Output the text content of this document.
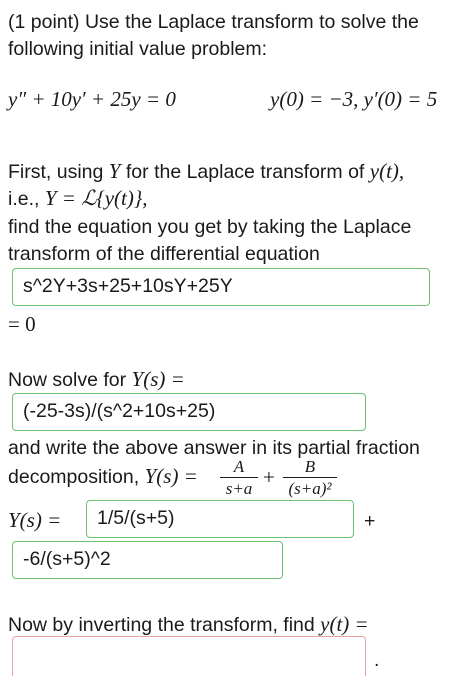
(1 point) Use the Laplace transform to solve the
following initial value problem:
y″ + 10y′ + 25y = 0	y(0) = −3, y′(0) = 5
First, using Y for the Laplace transform of y(t),
i.e., Y = ℒ{y(t)},
find the equation you get by taking the Laplace
transform of the differential equation
s^2Y+3s+25+10sY+25Y
= 0
Now solve for Y(s) =
(-25-3s)/(s^2+10s+25)
and write the above answer in its partial fraction
decomposition, Y(s) =	A
s+a +	B
(s+a)²
Y(s) =	1/5/(s+5)	+
-6/(s+5)^2
Now by inverting the transform, find y(t) =
.
